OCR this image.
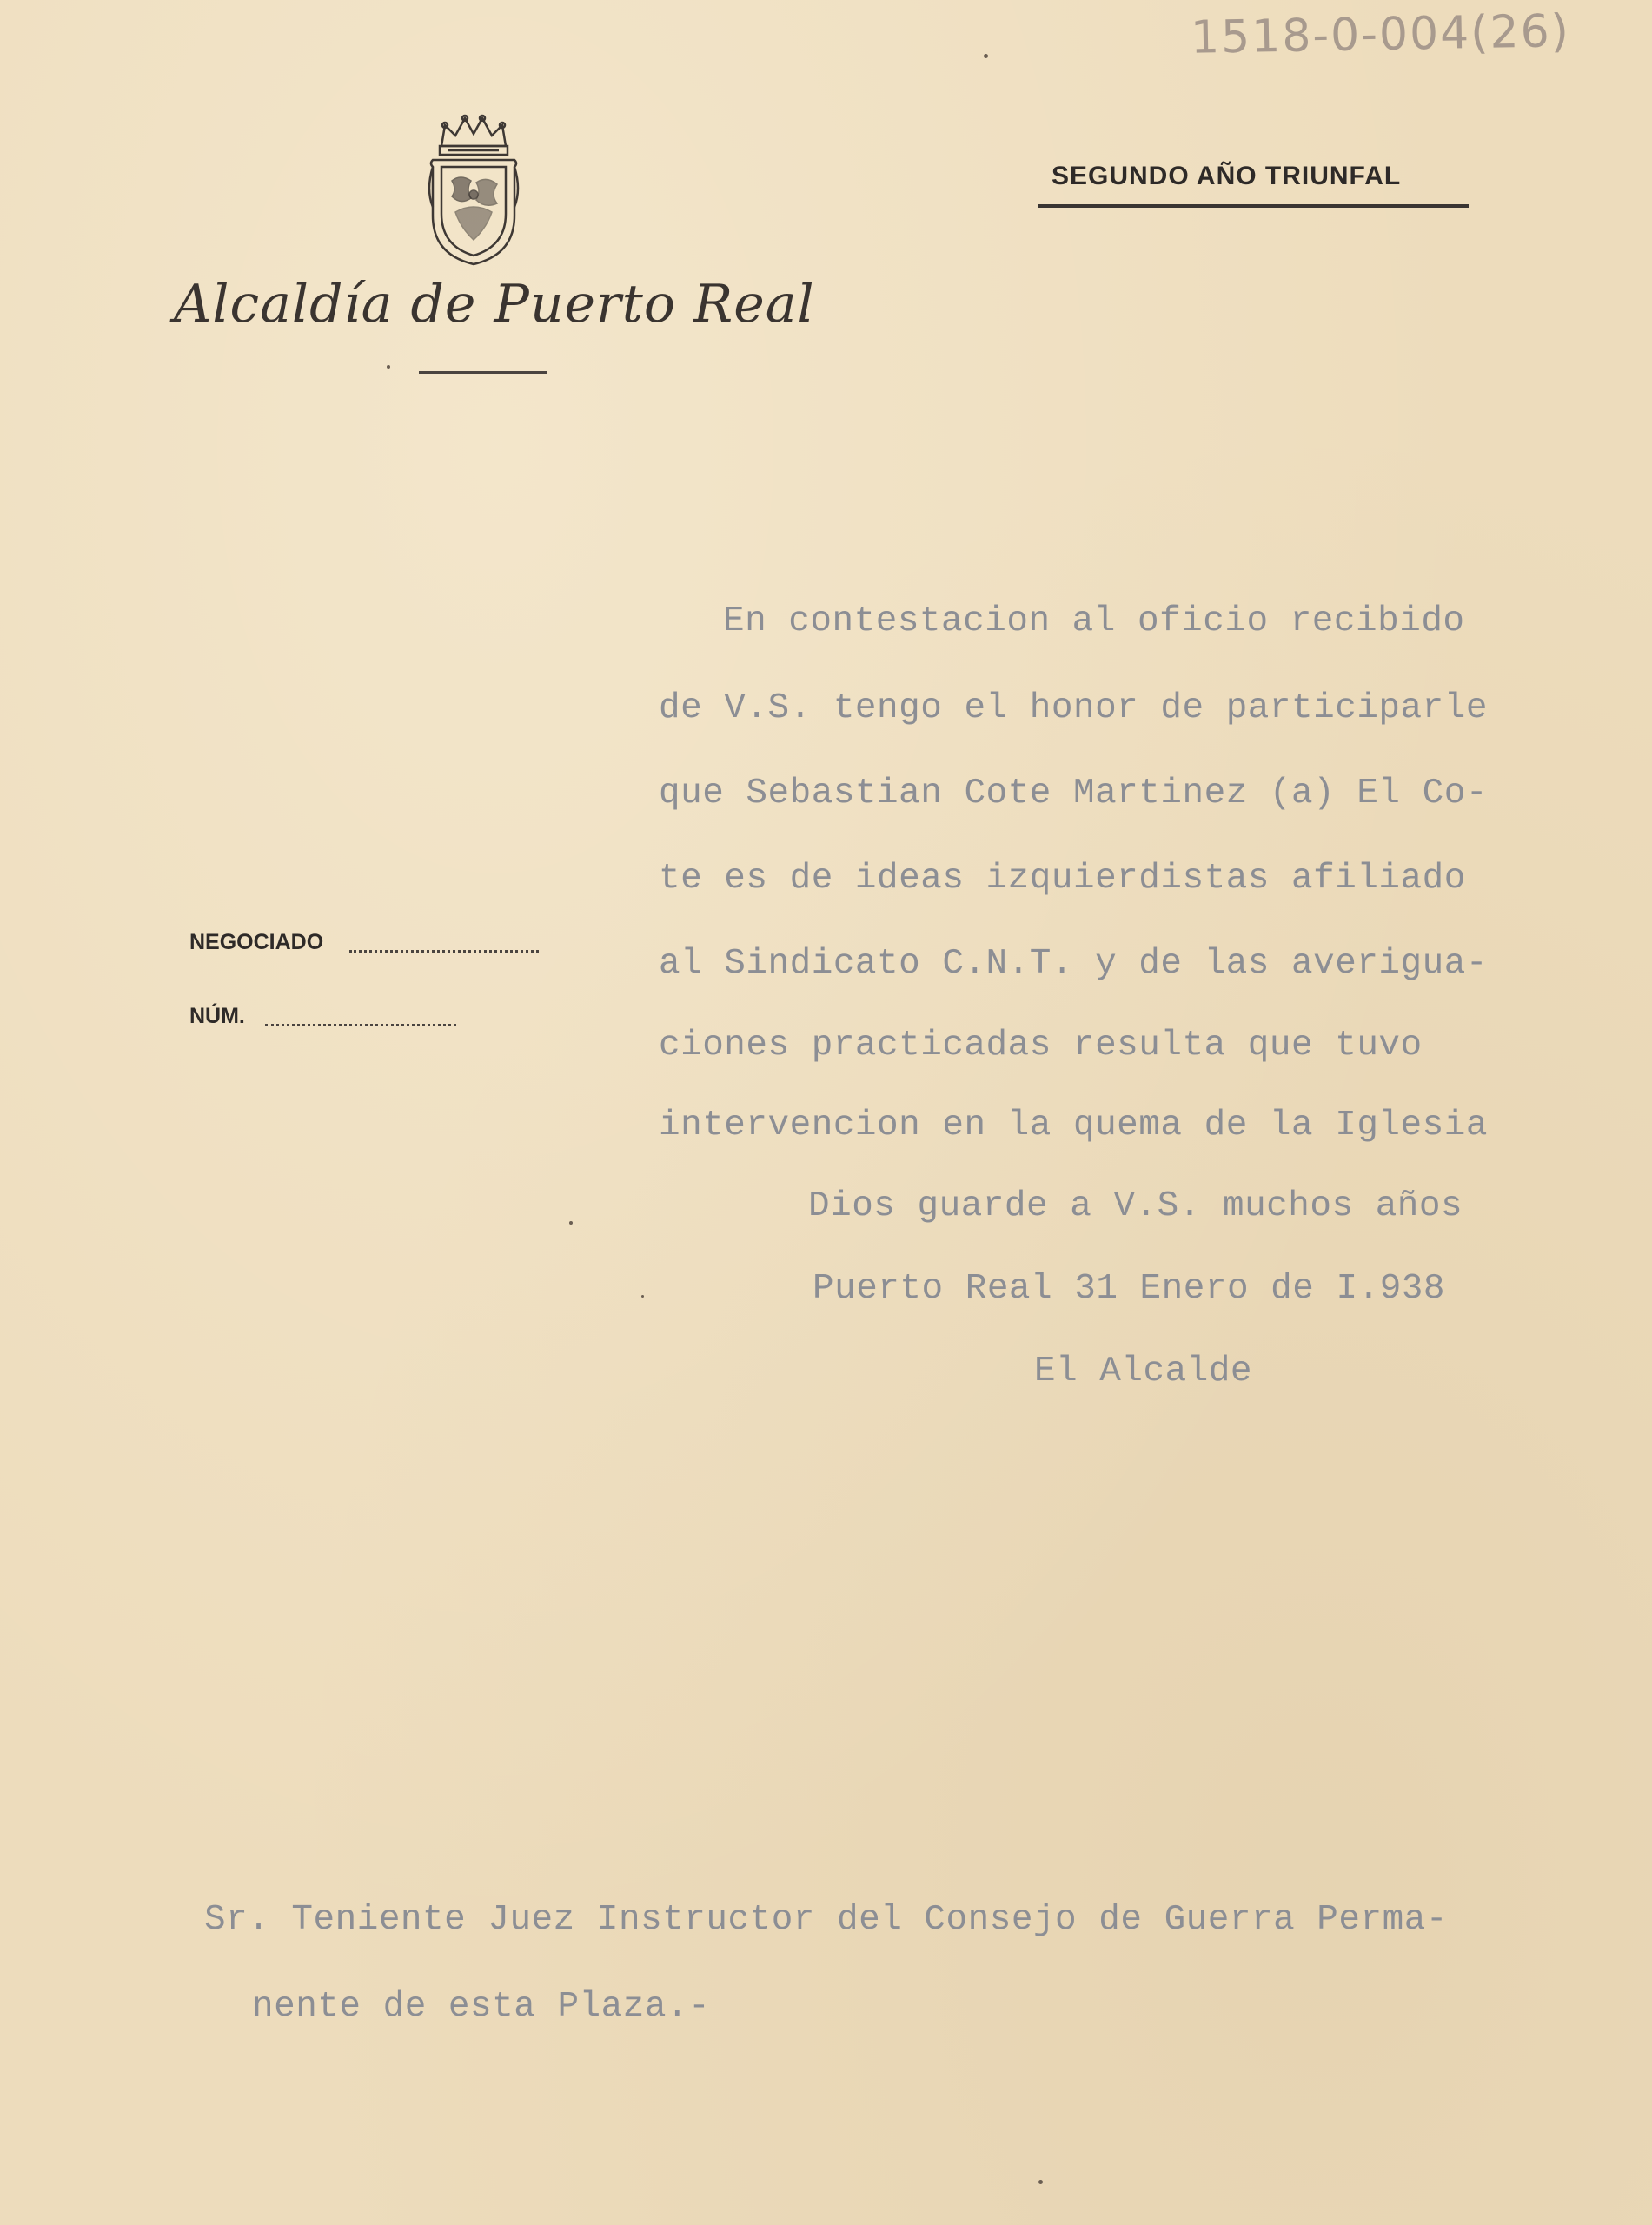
1518-0-004(26)
Alcaldía de Puerto Real
SEGUNDO AÑO TRIUNFAL
NEGOCIADO
NÚM.
En contestacion al oficio recibido
de V.S. tengo el honor de participarle
que Sebastian Cote Martinez (a) El Co-
te es de ideas izquierdistas afiliado
al Sindicato C.N.T. y de las averigua-
ciones practicadas resulta que tuvo
intervencion en la quema de la Iglesia
Dios guarde a V.S. muchos años
Puerto Real 31 Enero de I.938
El Alcalde
Sr. Teniente Juez Instructor del Consejo de Guerra Perma-
nente de esta Plaza.-
